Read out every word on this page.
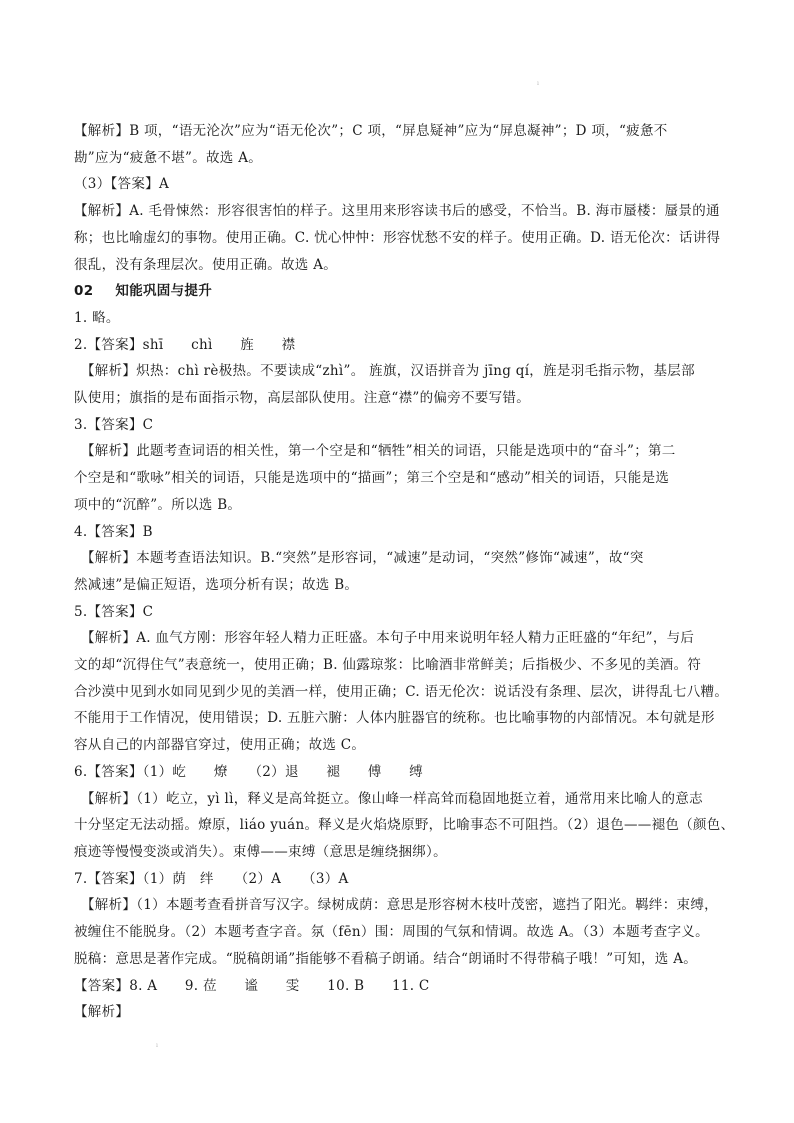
ı

【解析】B 项，“语无沦次”应为“语无伦次”；C 项，“屏息疑神”应为“屏息凝神”；D 项，“疲惫不

勘”应为“疲惫不堪”。故选 A。

（3）【答案】A

【解析】A. 毛骨悚然：形容很害怕的样子。这里用来形容读书后的感受，不恰当。B. 海市蜃楼：蜃景的通

称；也比喻虚幻的事物。使用正确。C. 忧心忡忡：形容忧愁不安的样子。使用正确。D. 语无伦次：话讲得

很乱，没有条理层次。使用正确。故选 A。

02 知能巩固与提升

1. 略。

2.【答案】shī　　chì　　旌　　襟

【解析】炽热：chì rè极热。不要读成“zhì”。 旌旗，汉语拼音为 jīng qí，旌是羽毛指示物，基层部

队使用；旗指的是布面指示物，高层部队使用。注意“襟”的偏旁不要写错。

3.【答案】C

【解析】此题考查词语的相关性，第一个空是和“牺牲”相关的词语，只能是选项中的“奋斗”；第二

个空是和“歌咏”相关的词语，只能是选项中的“描画”；第三个空是和“感动”相关的词语，只能是选

项中的“沉醉”。所以选 B。

4.【答案】B

【解析】本题考查语法知识。B.“突然”是形容词，“减速”是动词，“突然”修饰“减速”，故“突

然减速”是偏正短语，选项分析有误；故选 B。

5.【答案】C

【解析】A. 血气方刚：形容年轻人精力正旺盛。本句子中用来说明年轻人精力正旺盛的“年纪”，与后

文的却“沉得住气”表意统一，使用正确；B. 仙露琼浆：比喻酒非常鲜美；后指极少、不多见的美酒。符

合沙漠中见到水如同见到少见的美酒一样，使用正确；C. 语无伦次：说话没有条理、层次，讲得乱七八糟。

不能用于工作情况，使用错误；D. 五脏六腑：人体内脏器官的统称。也比喻事物的内部情况。本句就是形

容从自己的内部器官穿过，使用正确；故选 C。

6.【答案】（1）屹　　燎　　（2）退　　褪　　傅　　缚

【解析】（1）屹立，yì lì，释义是高耸挺立。像山峰一样高耸而稳固地挺立着，通常用来比喻人的意志

十分坚定无法动摇。燎原，liáo yuán。释义是火焰烧原野，比喻事态不可阻挡。（2）退色——褪色（颜色、

痕迹等慢慢变淡或消失）。束傅——束缚（意思是缠绕捆绑）。

7.【答案】（1）荫　绊　　（2）A　　（3）A

【解析】（1）本题考查看拼音写汉字。绿树成荫：意思是形容树木枝叶茂密，遮挡了阳光。羁绊：束缚，

被缠住不能脱身。（2）本题考查字音。氛（fēn）围：周围的气氛和情调。故选 A。（3）本题考查字义。

脱稿：意思是著作完成。“脱稿朗诵”指能够不看稿子朗诵。结合“朗诵时不得带稿子哦！”可知，选 A。

【答案】8. A　　9. 莅　　谧　　雯　　10. B　　11. C

【解析】

ı
